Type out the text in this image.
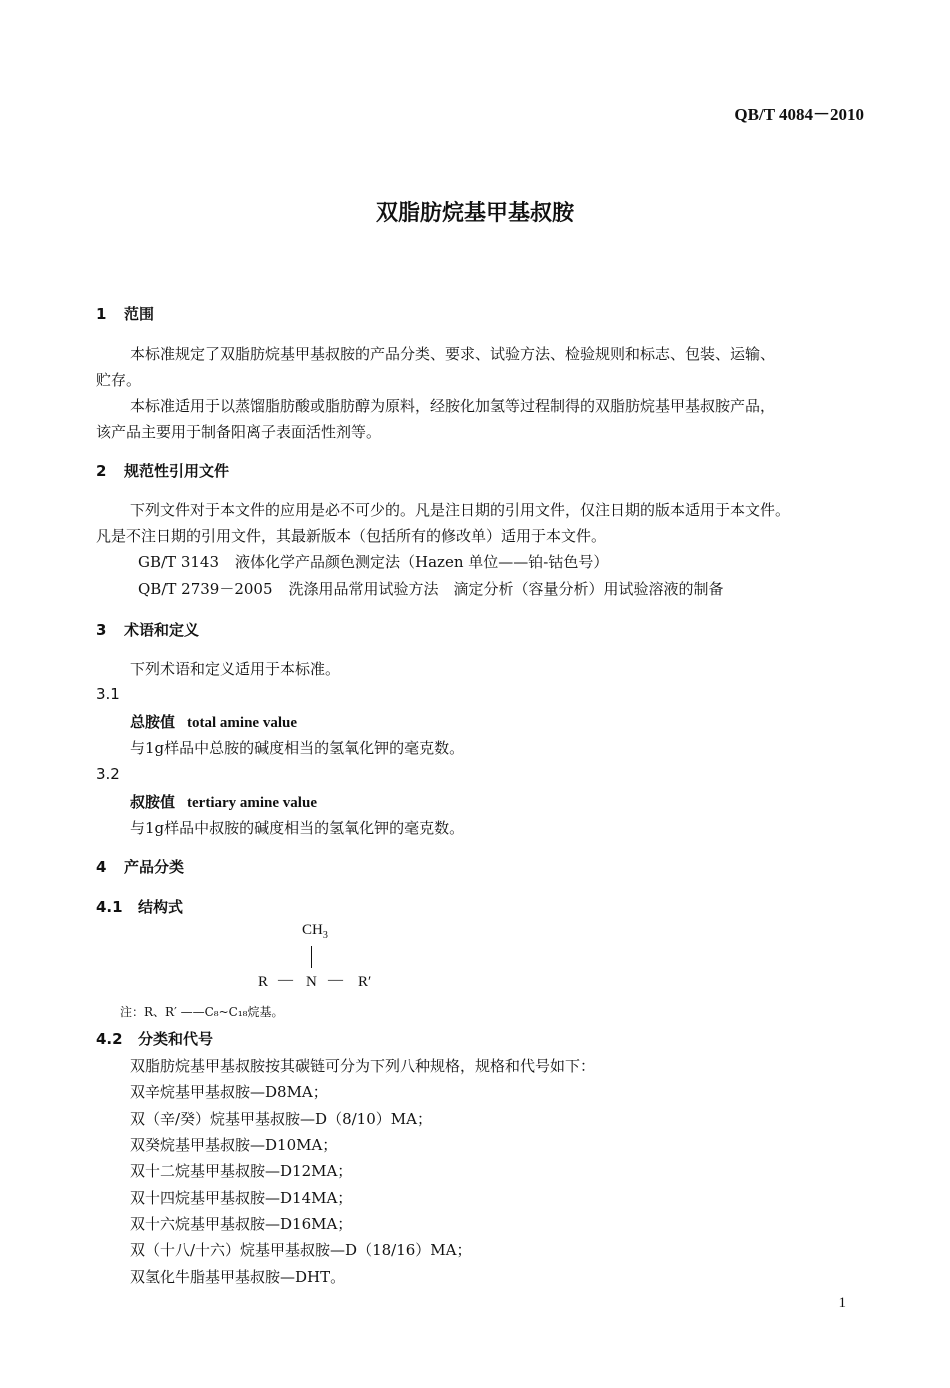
QB/T 4084－2010
双脂肪烷基甲基叔胺
1 范围
本标准规定了双脂肪烷基甲基叔胺的产品分类、要求、试验方法、检验规则和标志、包装、运输、
贮存。
本标准适用于以蒸馏脂肪酸或脂肪醇为原料，经胺化加氢等过程制得的双脂肪烷基甲基叔胺产品，
该产品主要用于制备阳离子表面活性剂等。
2 规范性引用文件
下列文件对于本文件的应用是必不可少的。凡是注日期的引用文件，仅注日期的版本适用于本文件。
凡是不注日期的引用文件，其最新版本（包括所有的修改单）适用于本文件。
GB/T 3143 液体化学产品颜色测定法（Hazen 单位——铂-钴色号）
QB/T 2739－2005 洗涤用品常用试验方法　滴定分析（容量分析）用试验溶液的制备
3 术语和定义
下列术语和定义适用于本标准。
3.1
总胺值 total amine value
与1g样品中总胺的碱度相当的氢氧化钾的毫克数。
3.2
叔胺值 tertiary amine value
与1g样品中叔胺的碱度相当的氢氧化钾的毫克数。
4 产品分类
4.1 结构式
$CH_3$
R — N — R′
注：R、R′ ——C₈~C₁₈烷基。
4.2 分类和代号
双脂肪烷基甲基叔胺按其碳链可分为下列八种规格，规格和代号如下：
双辛烷基甲基叔胺—D8MA；
双（辛/癸）烷基甲基叔胺—D（8/10）MA；
双癸烷基甲基叔胺—D10MA；
双十二烷基甲基叔胺—D12MA；
双十四烷基甲基叔胺—D14MA；
双十六烷基甲基叔胺—D16MA；
双（十八/十六）烷基甲基叔胺—D（18/16）MA；
双氢化牛脂基甲基叔胺—DHT。
1
